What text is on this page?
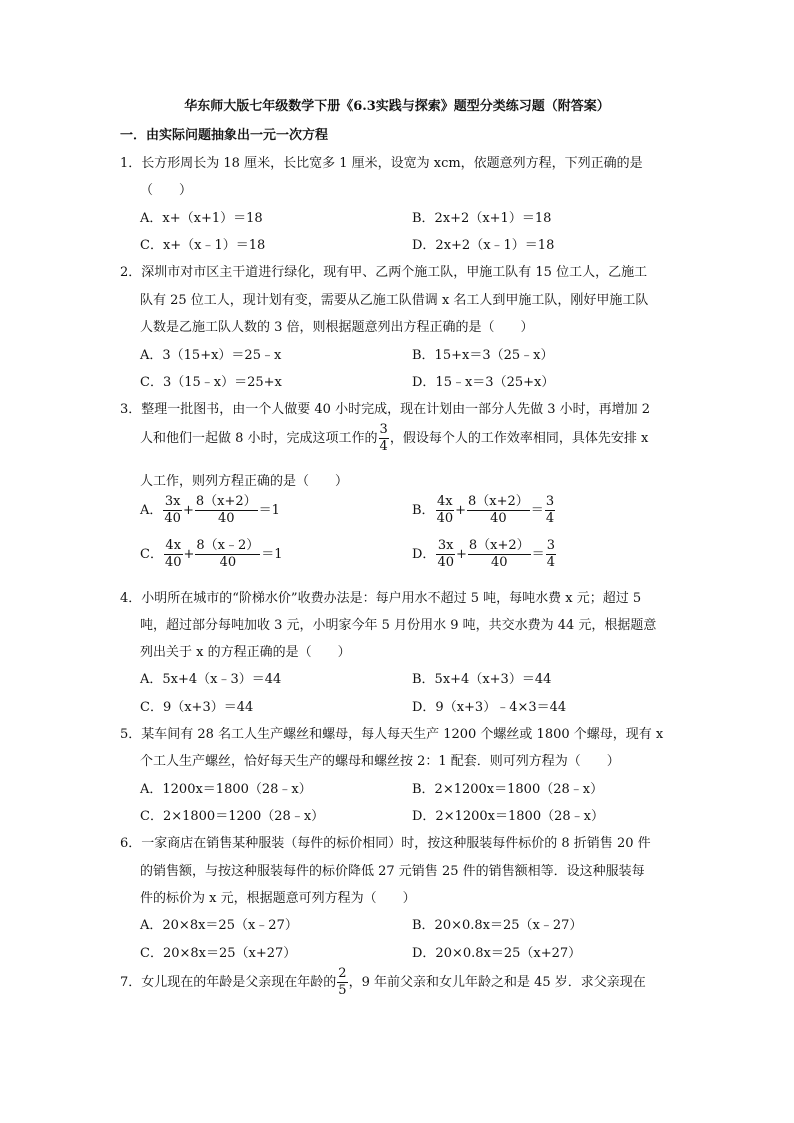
华东师大版七年级数学下册《6.3实践与探索》题型分类练习题（附答案）
一．由实际问题抽象出一元一次方程
1．长方形周长为 18 厘米，长比宽多 1 厘米，设宽为 xcm，依题意列方程，下列正确的是
（　　）
A．x+（x+1）＝18	B．2x+2（x+1）＝18
C．x+（x﹣1）＝18	D．2x+2（x﹣1）＝18
2．深圳市对市区主干道进行绿化，现有甲、乙两个施工队，甲施工队有 15 位工人，乙施工
队有 25 位工人，现计划有变，需要从乙施工队借调 x 名工人到甲施工队，刚好甲施工队
人数是乙施工队人数的 3 倍，则根据题意列出方程正确的是（　　）
A．3（15+x）＝25﹣x	B．15+x＝3（25﹣x）
C．3（15﹣x）＝25+x	D．15﹣x＝3（25+x）
3．整理一批图书，由一个人做要 40 小时完成，现在计划由一部分人先做 3 小时，再增加 2
人和他们一起做 8 小时，完成这项工作的 $\frac{3}{4}$ ，假设每个人的工作效率相同，具体先安排 x
人工作，则列方程正确的是（　　）
A． $\frac{3x}{40} + \frac{8(x+2)}{40} =1$	B． $\frac{4x}{40} + \frac{8(x+2)}{40} = \frac{3}{4}$
C． $\frac{4x}{40} + \frac{8(x﹣2)}{40} =1$	D． $\frac{3x}{40} + \frac{8(x+2)}{40} = \frac{3}{4}$
4．小明所在城市的“阶梯水价”收费办法是：每户用水不超过 5 吨，每吨水费 x 元；超过 5
吨，超过部分每吨加收 3 元，小明家今年 5 月份用水 9 吨，共交水费为 44 元，根据题意
列出关于 x 的方程正确的是（　　）
A．5x+4（x﹣3）＝44	B．5x+4（x+3）＝44
C．9（x+3）＝44	D．9（x+3）﹣4×3＝44
5．某车间有 28 名工人生产螺丝和螺母，每人每天生产 1200 个螺丝或 1800 个螺母，现有 x
个工人生产螺丝，恰好每天生产的螺母和螺丝按 2：1 配套．则可列方程为（　　）
A．1200x＝1800（28﹣x）	B．2×1200x＝1800（28﹣x）
C．2×1800＝1200（28﹣x）	D．2×1200x＝1800（28﹣x）
6．一家商店在销售某种服装（每件的标价相同）时，按这种服装每件标价的 8 折销售 20 件
的销售额，与按这种服装每件的标价降低 27 元销售 25 件的销售额相等．设这种服装每
件的标价为 x 元，根据题意可列方程为（　　）
A．20×8x＝25（x﹣27）	B．20×0.8x＝25（x﹣27）
C．20×8x＝25（x+27）	D．20×0.8x＝25（x+27）
7．女儿现在的年龄是父亲现在年龄的 $\frac{2}{5}$ ，9 年前父亲和女儿年龄之和是 45 岁．求父亲现在
